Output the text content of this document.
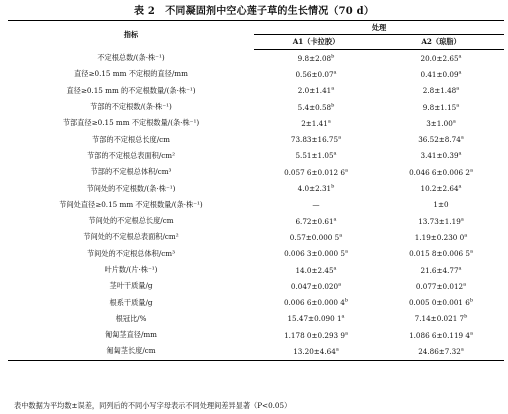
表 2　不同凝固剂中空心莲子草的生长情况（70 d）
指标	处理	
	A1（卡拉胶）	A2（琼脂）
不定根总数/(条·株⁻¹)	9.8±2.08$^b$	20.0±2.65$^a$
直径≥0.15 mm 不定根的直径/mm	0.56±0.07$^a$	0.41±0.09$^a$
直径≥0.15 mm 的不定根数量/(条·株⁻¹)	2.0±1.41$^a$	2.8±1.48$^a$
节部的不定根数/(条·株⁻¹)	5.4±0.58$^b$	9.8±1.15$^a$
节部直径≥0.15 mm 不定根数量/(条·株⁻¹)	2±1.41$^a$	3±1.00$^a$
节部的不定根总长度/cm	73.83±16.75$^a$	36.52±8.74$^a$
节部的不定根总表面积/cm²	5.51±1.05$^a$	3.41±0.39$^a$
节部的不定根总体积/cm³	0.057 6±0.012 6$^a$	0.046 6±0.006 2$^a$
节间处的不定根数/(条·株⁻¹)	4.0±2.31$^b$	10.2±2.64$^a$
节间处直径≥0.15 mm 不定根数量/(条·株⁻¹)	—	1±0
节间处的不定根总长度/cm	6.72±0.61$^a$	13.73±1.19$^a$
节间处的不定根总表面积/cm²	0.57±0.000 5$^a$	1.19±0.230 0$^a$
节间处的不定根总体积/cm³	0.006 3±0.000 5$^a$	0.015 8±0.006 5$^a$
叶片数/(片·株⁻¹)	14.0±2.45$^a$	21.6±4.77$^a$
茎叶干质量/g	0.047±0.020$^a$	0.077±0.012$^a$
根系干质量/g	0.006 6±0.000 4$^b$	0.005 0±0.001 6$^b$
根冠比/%	15.47±0.090 1$^a$	7.14±0.021 7$^b$
匍匐茎直径/mm	1.178 0±0.293 9$^a$	1.086 6±0.119 4$^a$
匍匐茎长度/cm	13.20±4.64$^a$	24.86±7.32$^a$
表中数据为平均数±误差，同列后的不同小写字母表示不同处理间差异显著（P<0.05）
